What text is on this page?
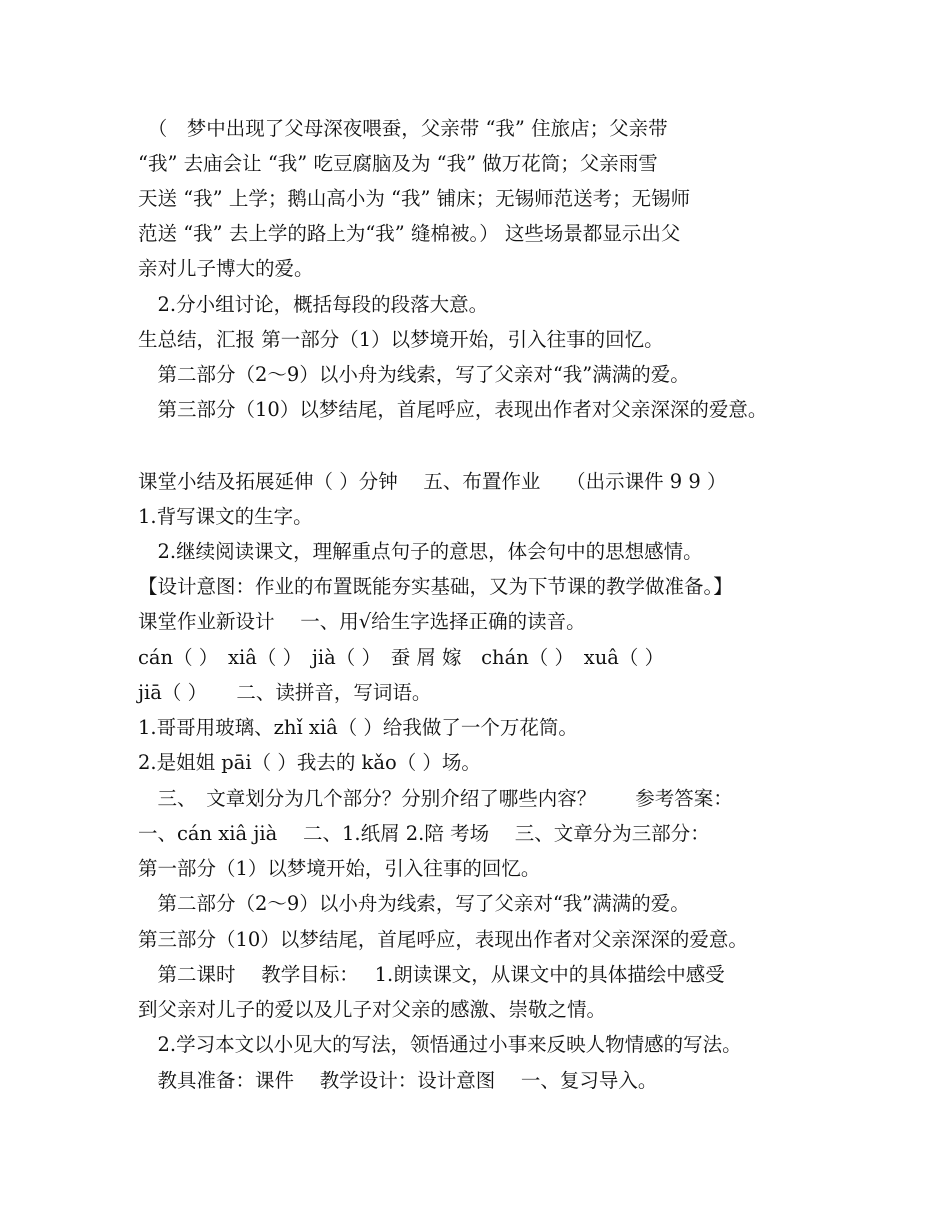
　（　梦中出现了父母深夜喂蚕，父亲带 “我” 住旅店；父亲带
“我” 去庙会让 “我” 吃豆腐脑及为 “我” 做万花筒；父亲雨雪
天送 “我” 上学；鹅山高小为 “我” 铺床；无锡师范送考；无锡师
范送 “我” 去上学的路上为“我” 缝棉被。） 这些场景都显示出父
亲对儿子博大的爱。
　2.分小组讨论，概括每段的段落大意。
生总结，汇报 第一部分（1）以梦境开始，引入往事的回忆。
　第二部分（2～9）以小舟为线索，写了父亲对“我”满满的爱。
　第三部分（10）以梦结尾，首尾呼应，表现出作者对父亲深深的爱意。
课堂小结及拓展延伸（ ）分钟　 五、布置作业　 （出示课件 9 9 ）
1.背写课文的生字。
　2.继续阅读课文，理解重点句子的意思，体会句中的思想感情。
【设计意图：作业的布置既能夯实基础，又为下节课的教学做准备。】
课堂作业新设计　 一、用√给生字选择正确的读音。
cán（ ）　xiâ（ ）　jià（ ）　蚕 屑 嫁　chán（ ）　xuâ（ ）
jiā（ ）　　二、读拼音，写词语。
1.哥哥用玻璃、zhǐ xiâ（ ）给我做了一个万花筒。
2.是姐姐 pāi（ ）我去的 kǎo（ ）场。
　三、　文章划分为几个部分？分别介绍了哪些内容？　　参考答案：
一、cán xiâ jià　 二、1.纸屑 2.陪 考场　 三、文章分为三部分：
第一部分（1）以梦境开始，引入往事的回忆。
　第二部分（2～9）以小舟为线索，写了父亲对“我”满满的爱。
第三部分（10）以梦结尾，首尾呼应，表现出作者对父亲深深的爱意。
　第二课时　 教学目标：　 1.朗读课文，从课文中的具体描绘中感受
到父亲对儿子的爱以及儿子对父亲的感激、崇敬之情。
　2.学习本文以小见大的写法，领悟通过小事来反映人物情感的写法。
　教具准备：课件　 教学设计：设计意图　 一、复习导入。
